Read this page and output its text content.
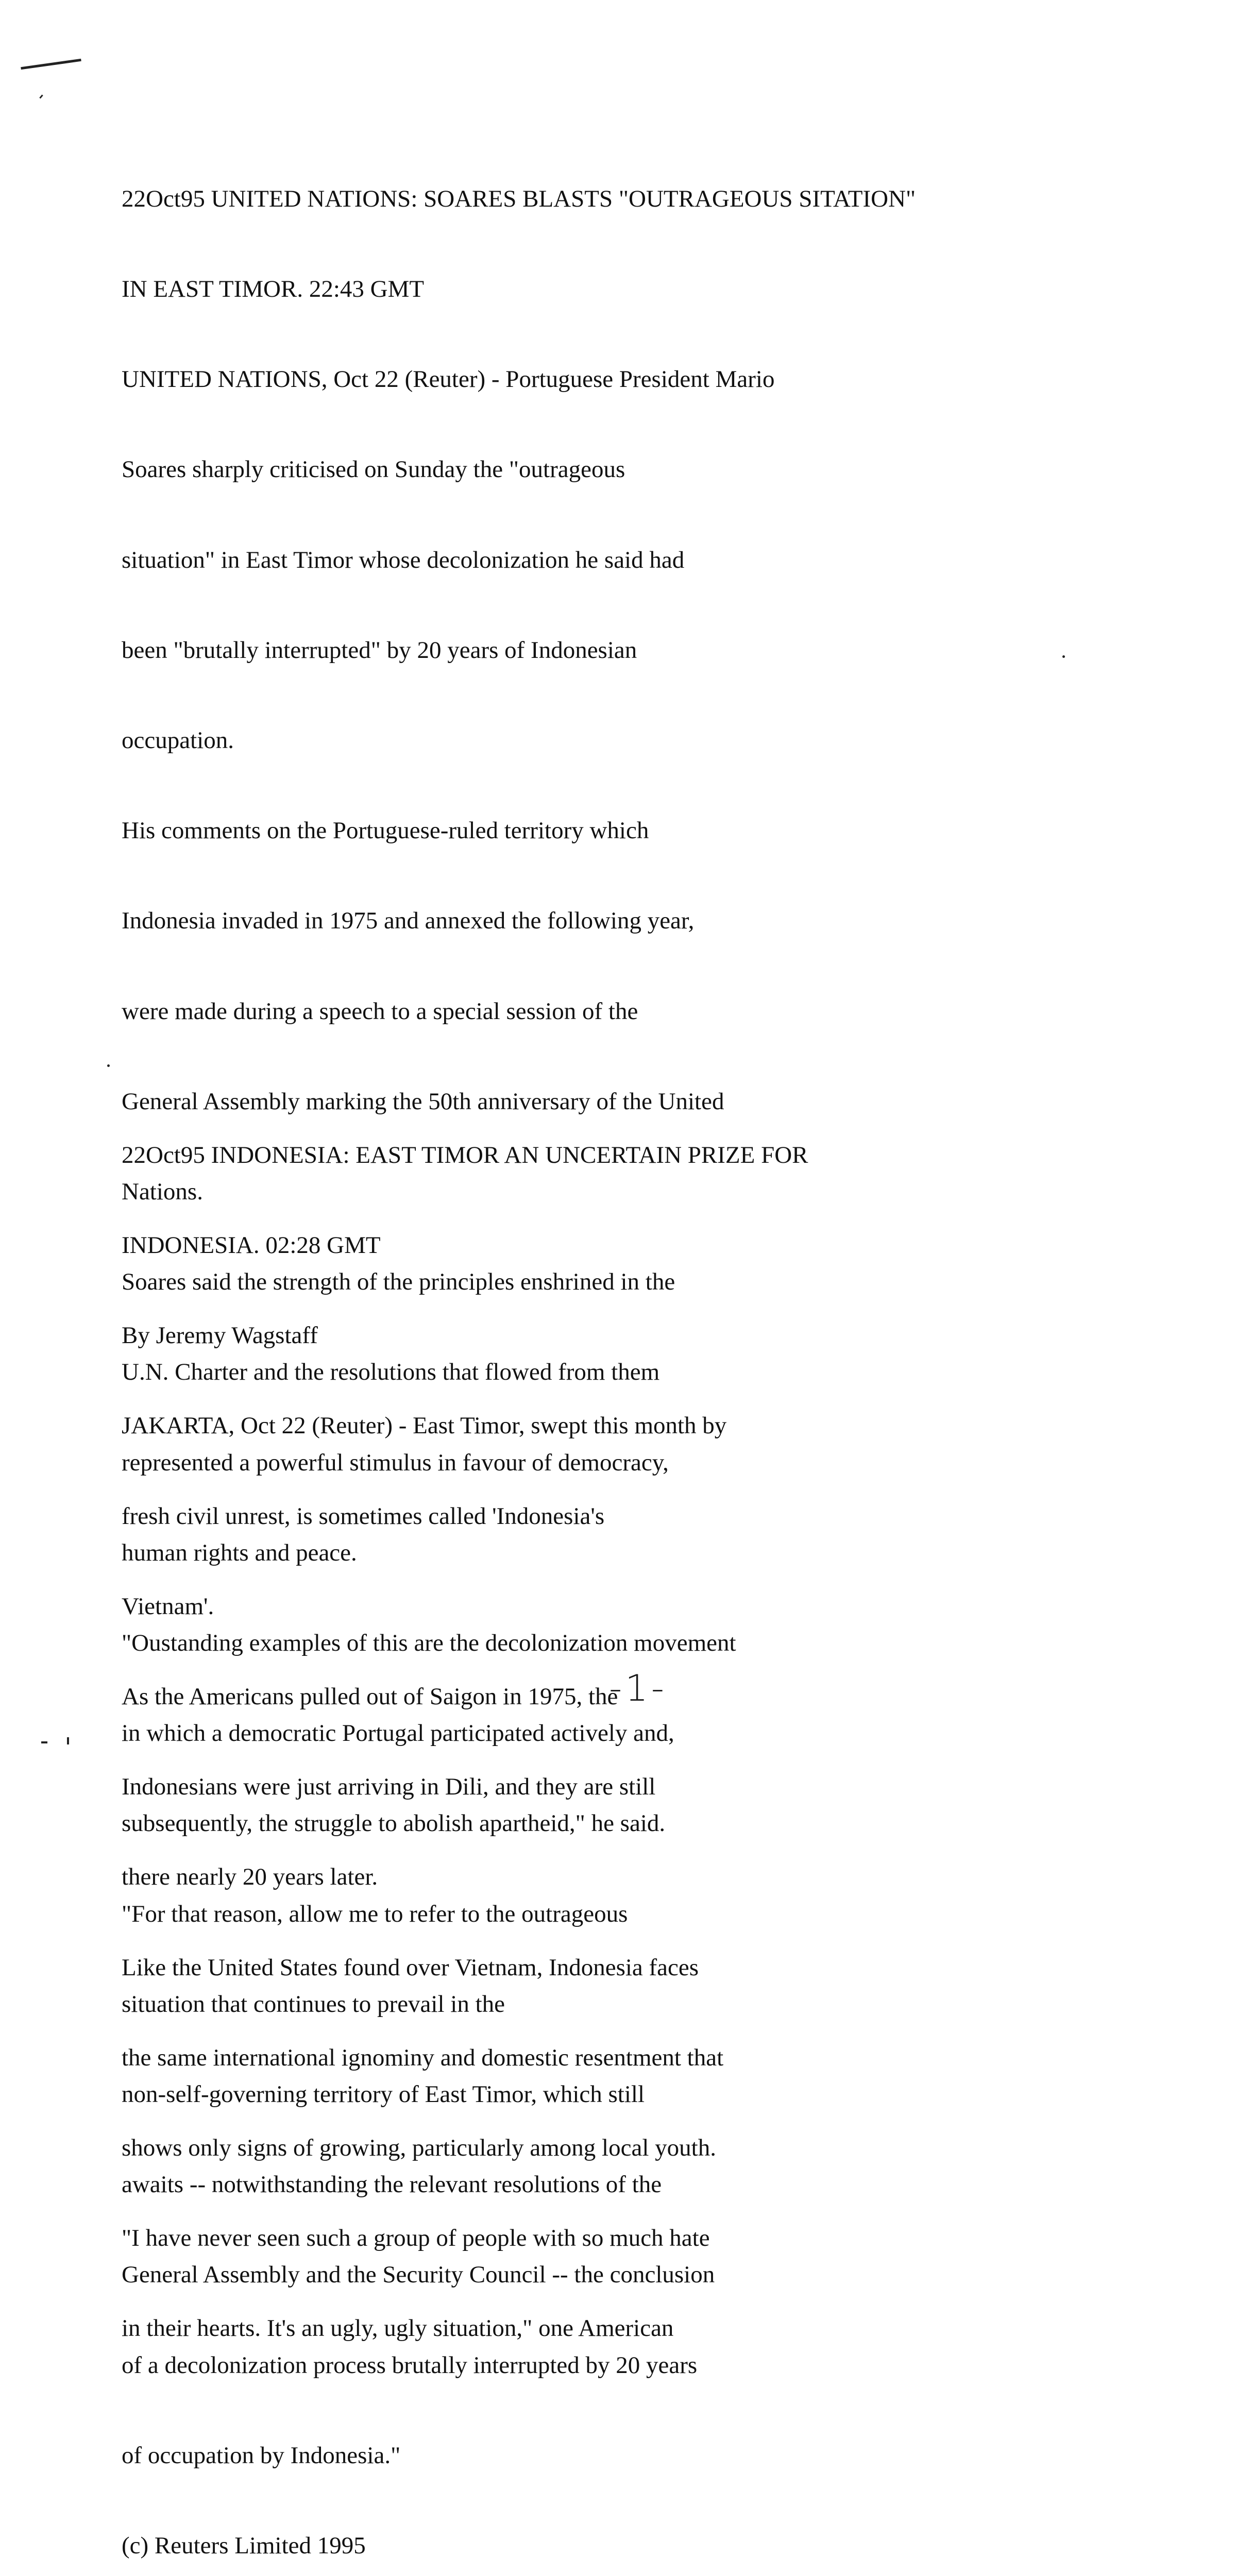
22Oct95 UNITED NATIONS: SOARES BLASTS "OUTRAGEOUS SITATION"

IN EAST TIMOR. 22:43 GMT

UNITED NATIONS, Oct 22 (Reuter) - Portuguese President Mario

Soares sharply criticised on Sunday the "outrageous

situation" in East Timor whose decolonization he said had

been "brutally interrupted" by 20 years of Indonesian

occupation.

His comments on the Portuguese-ruled territory which

Indonesia invaded in 1975 and annexed the following year,

were made during a speech to a special session of the

General Assembly marking the 50th anniversary of the United

Nations.

Soares said the strength of the principles enshrined in the

U.N. Charter and the resolutions that flowed from them

represented a powerful stimulus in favour of democracy,

human rights and peace.

"Oustanding examples of this are the decolonization movement

in which a democratic Portugal participated actively and,

subsequently, the struggle to abolish apartheid," he said.

"For that reason, allow me to refer to the outrageous

situation that continues to prevail in the

non-self-governing territory of East Timor, which still

awaits -- notwithstanding the relevant resolutions of the

General Assembly and the Security Council -- the conclusion

of a decolonization process brutally interrupted by 20 years

of occupation by Indonesia."

(c) Reuters Limited 1995

22Oct95 INDONESIA: EAST TIMOR AN UNCERTAIN PRIZE FOR

INDONESIA. 02:28 GMT

By Jeremy Wagstaff

JAKARTA, Oct 22 (Reuter) - East Timor, swept this month by

fresh civil unrest, is sometimes called 'Indonesia's

Vietnam'.

As the Americans pulled out of Saigon in 1975, the

Indonesians were just arriving in Dili, and they are still

there nearly 20 years later.

Like the United States found over Vietnam, Indonesia faces

the same international ignominy and domestic resentment that

shows only signs of growing, particularly among local youth.

"I have never seen such a group of people with so much hate

in their hearts. It's an ugly, ugly situation," one American

-1-
